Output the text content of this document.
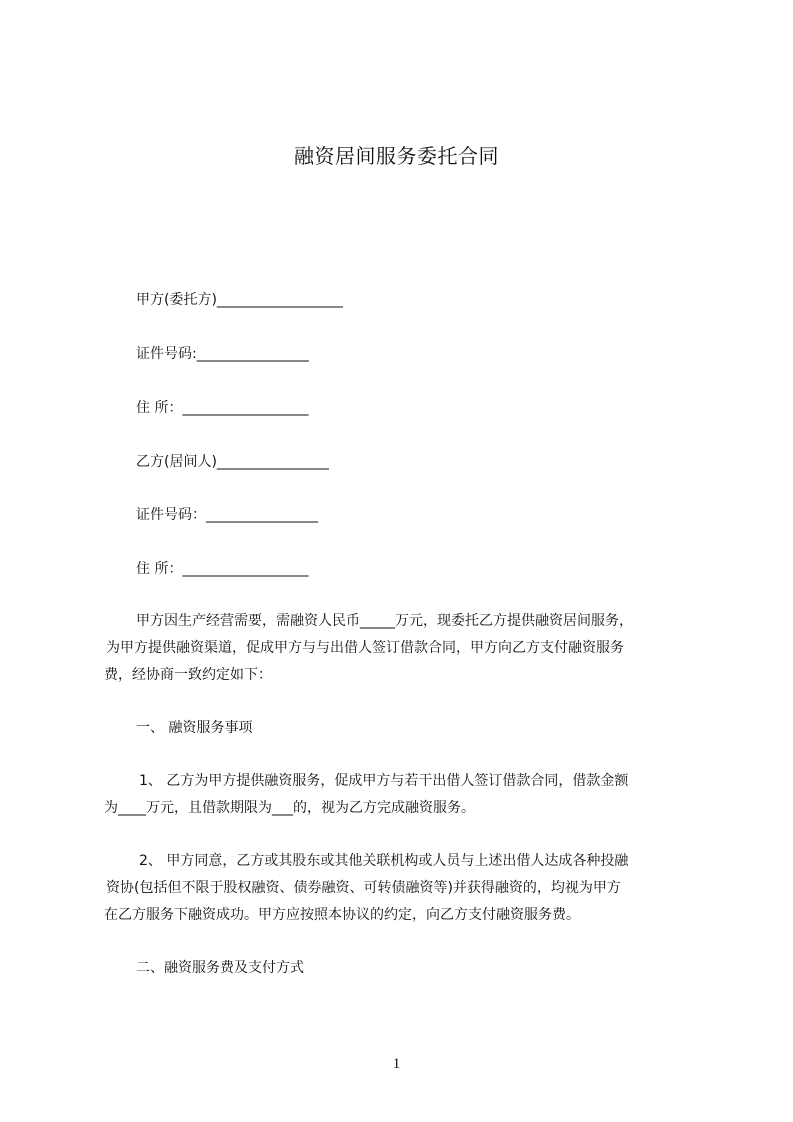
融资居间服务委托合同
甲方(委托方)__________________
证件号码:________________
住 所：__________________
乙方(居间人)________________
证件号码：________________
住 所：__________________
甲方因生产经营需要，需融资人民币_____万元，现委托乙方提供融资居间服务，
为甲方提供融资渠道，促成甲方与与出借人签订借款合同，甲方向乙方支付融资服务
费，经协商一致约定如下：
一、 融资服务事项
1、 乙方为甲方提供融资服务，促成甲方与若干出借人签订借款合同，借款金额
为____万元，且借款期限为___的，视为乙方完成融资服务。
2、 甲方同意，乙方或其股东或其他关联机构或人员与上述出借人达成各种投融
资协(包括但不限于股权融资、债券融资、可转债融资等)并获得融资的，均视为甲方
在乙方服务下融资成功。甲方应按照本协议的约定，向乙方支付融资服务费。
二、融资服务费及支付方式
1
